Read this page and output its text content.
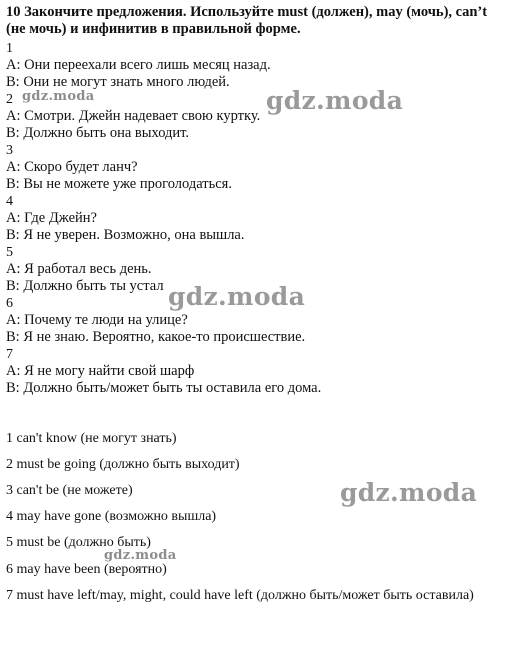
10 Закончите предложения. Используйте must (должен), may (мочь), can’t (не мочь) и инфинитив в правильной форме.
1
А: Они переехали всего лишь месяц назад.
В: Они не могут знать много людей.
2
А: Смотри. Джейн надевает свою куртку.
В: Должно быть она выходит.
3
А: Скоро будет ланч?
В: Вы не можете уже проголодаться.
4
А: Где Джейн?
В: Я не уверен. Возможно, она вышла.
5
А: Я работал весь день.
В: Должно быть ты устал
6
А: Почему те люди на улице?
В: Я не знаю. Вероятно, какое-то происшествие.
7
А: Я не могу найти свой шарф
В: Должно быть/может быть ты оставила его дома.
1 can't know (не могут знать)
2 must be going (должно быть выходит)
3 can't be (не можете)
4 may have gone (возможно вышла)
5 must be (должно быть)
6 may have been (вероятно)
7 must have left/may, might, could have left (должно быть/может быть оставила)
gdz.moda
gdz.moda
gdz.moda
gdz.moda
gdz.moda
